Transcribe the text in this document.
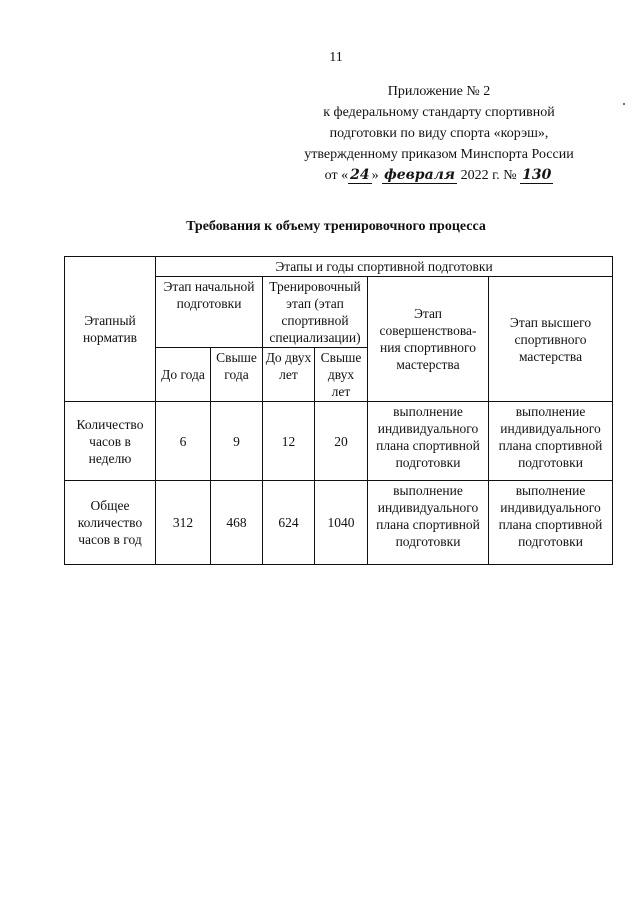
11
Приложение № 2
к федеральному стандарту спортивной
подготовки по виду спорта «корэш»,
утвержденному приказом Минспорта России
от « 24 » февраля 2022 г. № 130
Требования к объему тренировочного процесса
Этапный норматив	Этапы и годы спортивной подготовки					
	Этап начальной подготовки		Тренировочный этап (этап спортивной специализации)		Этап совершенствова-ния спортивного мастерства	Этап высшего спортивного мастерства
	До года	Свыше года	До двух лет	Свыше двух лет		
Количество часов в неделю	6	9	12	20	выполнение индивидуального плана спортивной подготовки	выполнение индивидуального плана спортивной подготовки
Общее количество часов в год	312	468	624	1040	выполнение индивидуального плана спортивной подготовки	выполнение индивидуального плана спортивной подготовки
